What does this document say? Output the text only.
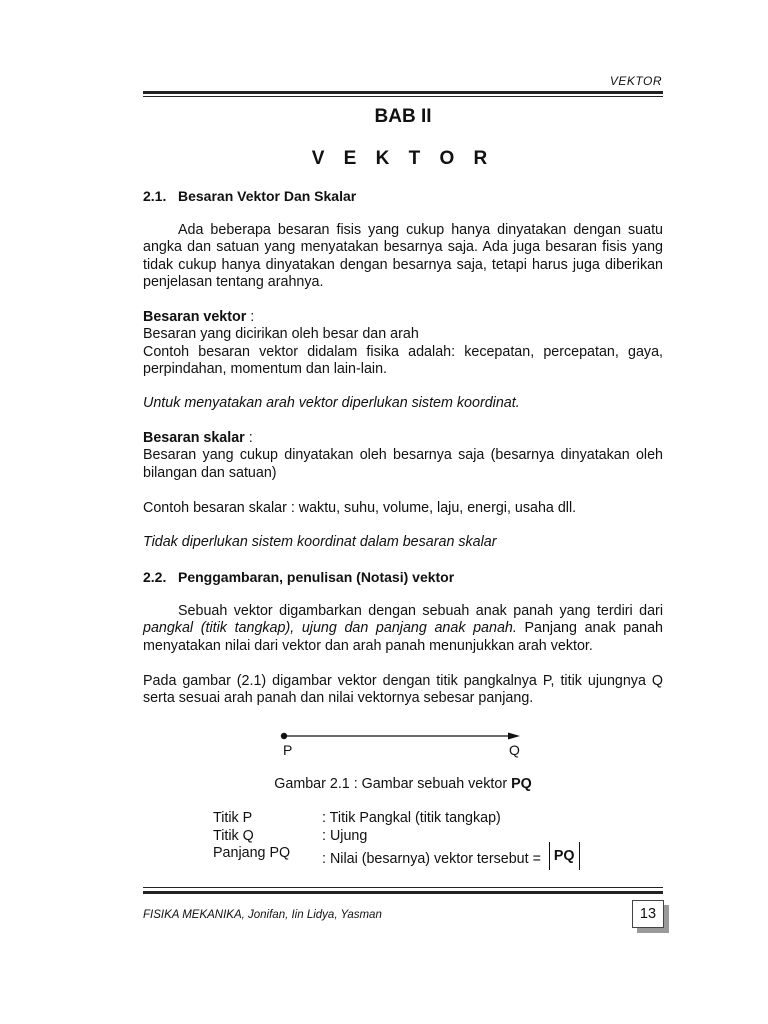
VEKTOR
BAB II
V E K T O R
2.1. Besaran Vektor Dan Skalar

Ada beberapa besaran fisis yang cukup hanya dinyatakan dengan suatu angka dan satuan yang menyatakan besarnya saja. Ada juga besaran fisis yang tidak cukup hanya dinyatakan dengan besarnya saja, tetapi harus juga diberikan penjelasan tentang arahnya.

Besaran vektor :
Besaran yang dicirikan oleh besar dan arah
Contoh besaran vektor didalam fisika adalah: kecepatan, percepatan, gaya, perpindahan, momentum dan lain-lain.

Untuk menyatakan arah vektor diperlukan sistem koordinat.

Besaran skalar :
Besaran yang cukup dinyatakan oleh besarnya saja (besarnya dinyatakan oleh bilangan dan satuan)

Contoh besaran skalar : waktu, suhu, volume, laju, energi, usaha dll.

Tidak diperlukan sistem koordinat dalam besaran skalar

2.2. Penggambaran, penulisan (Notasi) vektor

Sebuah vektor digambarkan dengan sebuah anak panah yang terdiri dari pangkal (titik tangkap), ujung dan panjang anak panah. Panjang anak panah menyatakan nilai dari vektor dan arah panah menunjukkan arah vektor.

Pada gambar (2.1) digambar vektor dengan titik pangkalnya P, titik ujungnya Q serta sesuai arah panah dan nilai vektornya sebesar panjang.

P	Q
Gambar 2.1 : Gambar sebuah vektor PQ
Titik P	: Titik Pangkal (titik tangkap)
Titik Q	: Ujung
Panjang PQ	: Nilai (besarnya) vektor tersebut = PQ
FISIKA MEKANIKA, Jonifan, Iin Lidya, Yasman	13
